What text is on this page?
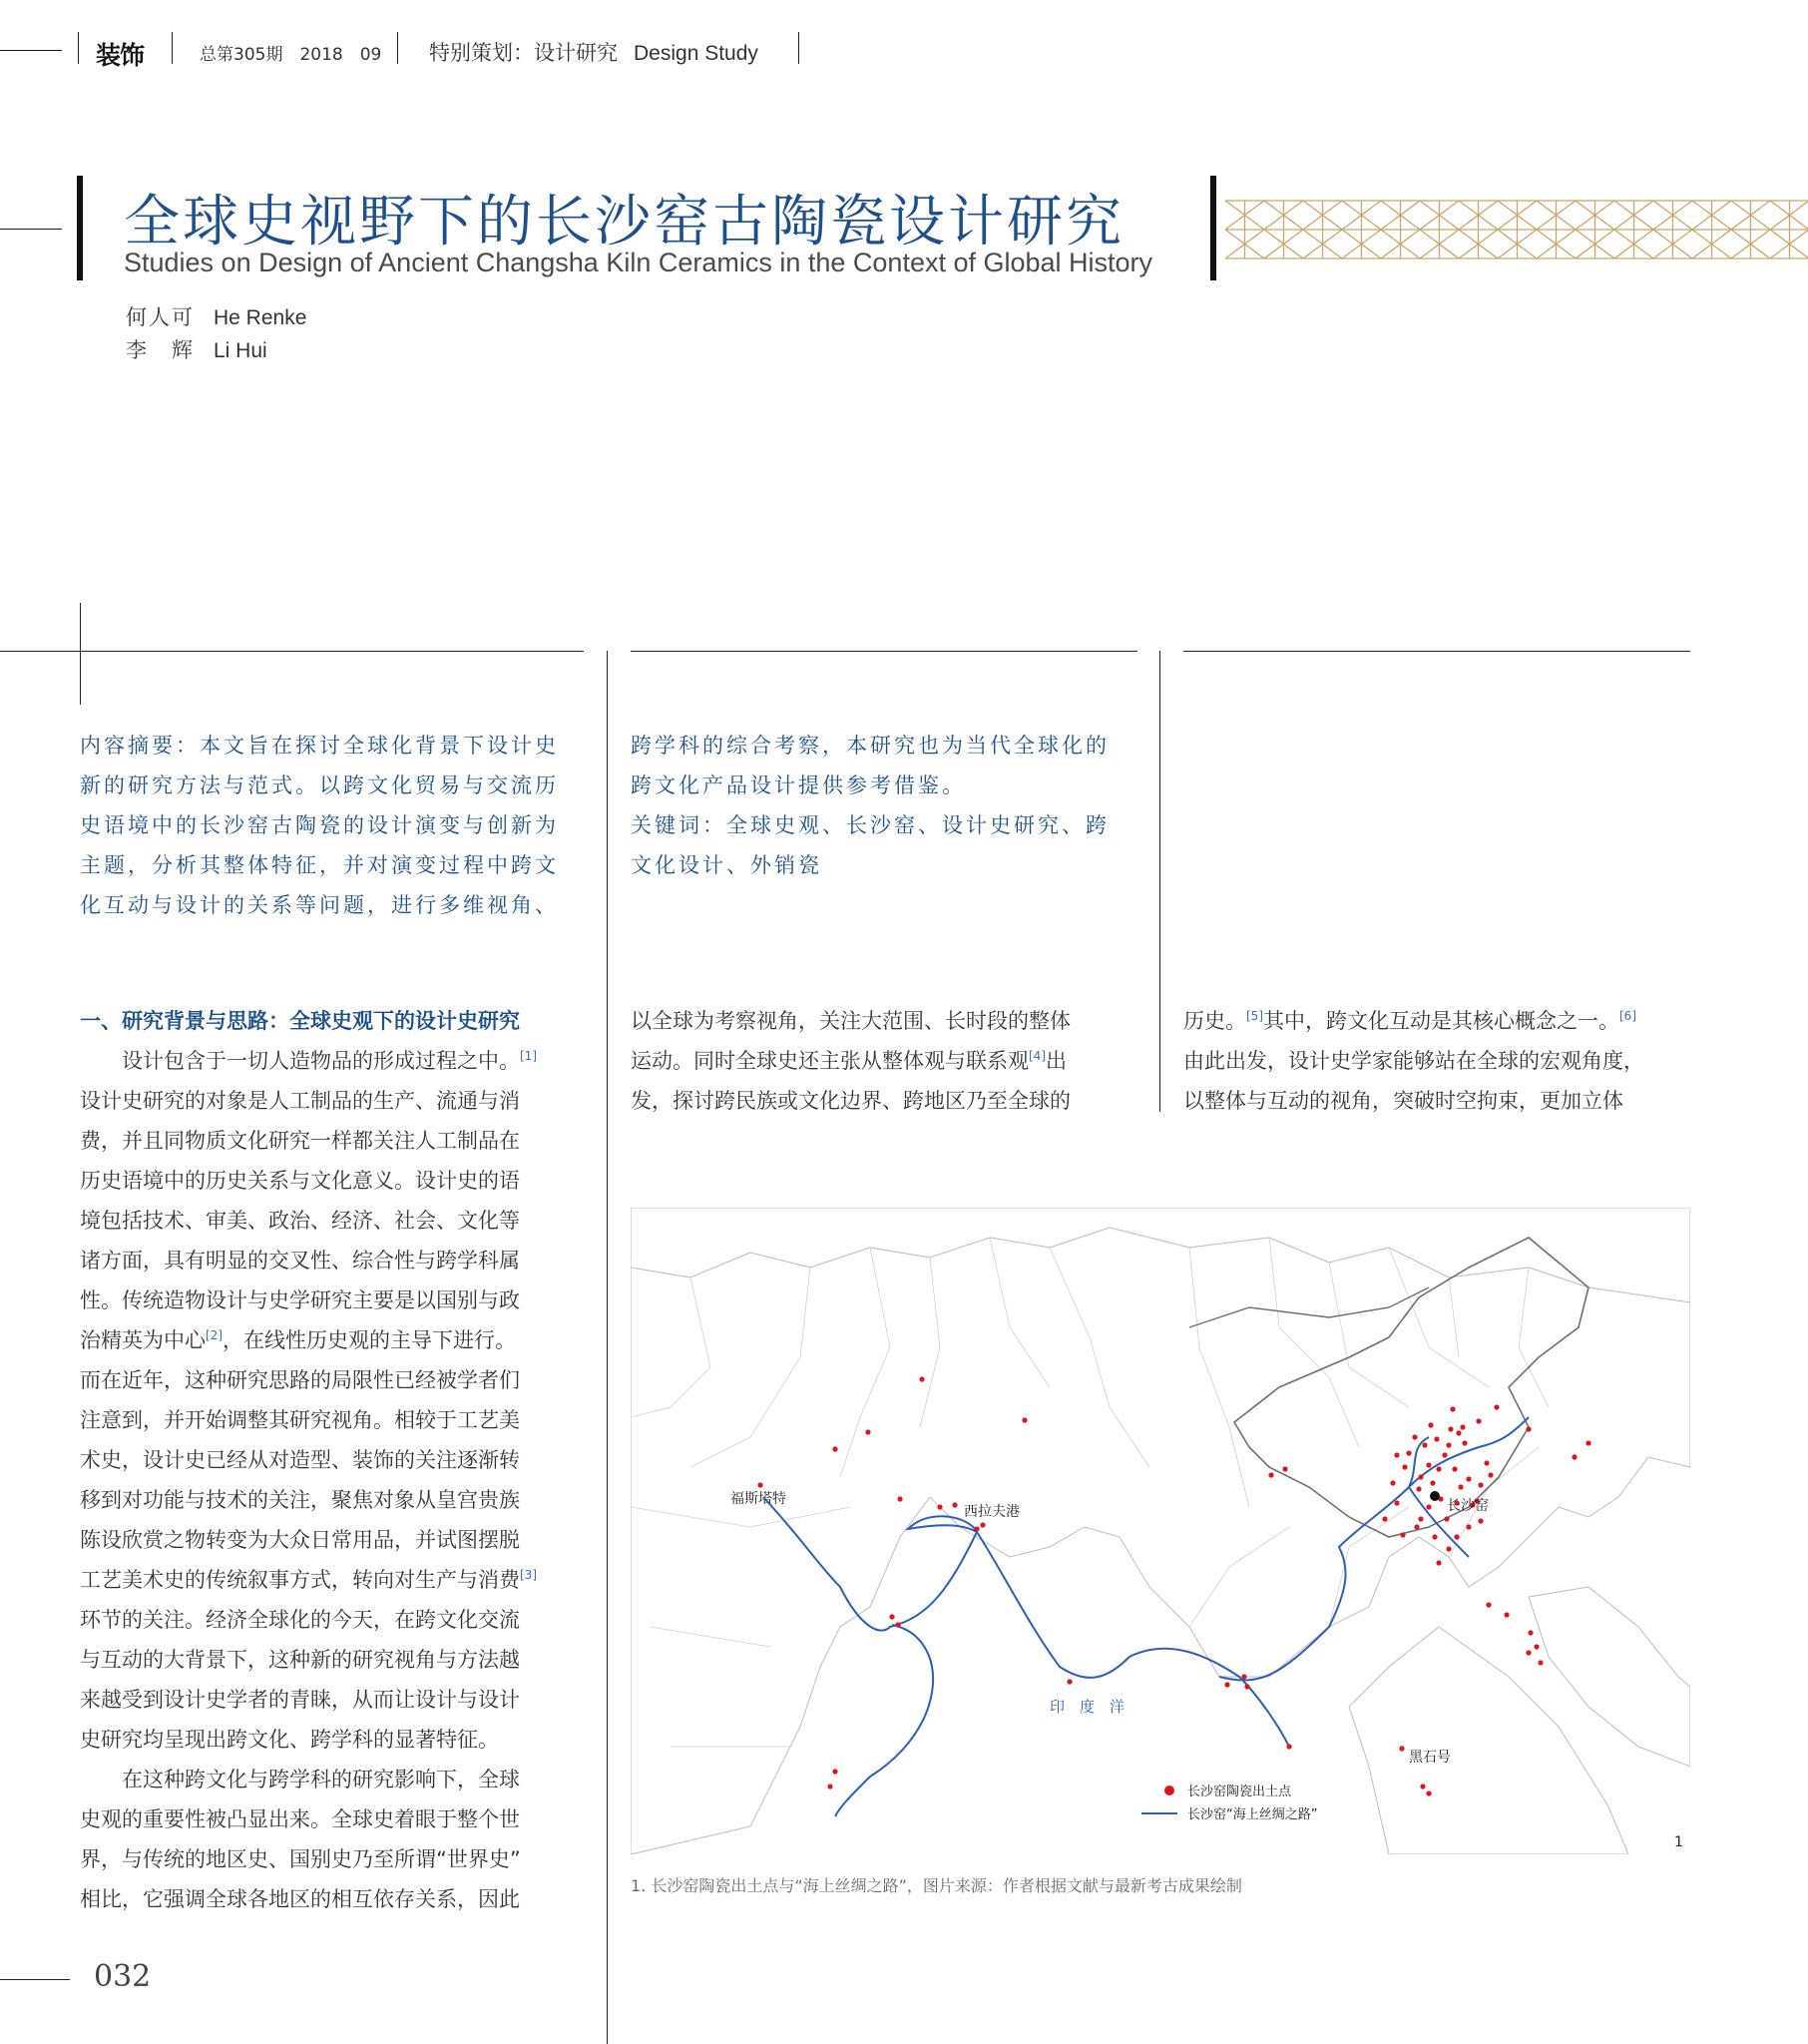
装饰	总第305期　2018　09 特别策划：设计研究 Design Study
全球史视野下的长沙窑古陶瓷设计研究
Studies on Design of Ancient Changsha Kiln Ceramics in the Context of Global History
何人可 He Renke
李　辉 Li Hui
内容摘要：本文旨在探讨全球化背景下设计史
新的研究方法与范式。以跨文化贸易与交流历
史语境中的长沙窑古陶瓷的设计演变与创新为
主题，分析其整体特征，并对演变过程中跨文
化互动与设计的关系等问题，进行多维视角、
跨学科的综合考察，本研究也为当代全球化的
跨文化产品设计提供参考借鉴。
关键词：全球史观、长沙窑、设计史研究、跨
文化设计、外销瓷
一、研究背景与思路：全球史观下的设计史研究
设计包含于一切人造物品的形成过程之中。[1]
设计史研究的对象是人工制品的生产、流通与消
费，并且同物质文化研究一样都关注人工制品在
历史语境中的历史关系与文化意义。设计史的语
境包括技术、审美、政治、经济、社会、文化等
诸方面，具有明显的交叉性、综合性与跨学科属
性。传统造物设计与史学研究主要是以国别与政
治精英为中心[2]，在线性历史观的主导下进行。
而在近年，这种研究思路的局限性已经被学者们
注意到，并开始调整其研究视角。相较于工艺美
术史，设计史已经从对造型、装饰的关注逐渐转
移到对功能与技术的关注，聚焦对象从皇宫贵族
陈设欣赏之物转变为大众日常用品，并试图摆脱
工艺美术史的传统叙事方式，转向对生产与消费[3]
环节的关注。经济全球化的今天，在跨文化交流
与互动的大背景下，这种新的研究视角与方法越
来越受到设计史学者的青睐，从而让设计与设计
史研究均呈现出跨文化、跨学科的显著特征。
在这种跨文化与跨学科的研究影响下，全球
史观的重要性被凸显出来。全球史着眼于整个世
界，与传统的地区史、国别史乃至所谓“世界史”
相比，它强调全球各地区的相互依存关系，因此
以全球为考察视角，关注大范围、长时段的整体
运动。同时全球史还主张从整体观与联系观[4]出
发，探讨跨民族或文化边界、跨地区乃至全球的
历史。[5]其中，跨文化互动是其核心概念之一。[6]
由此出发，设计史学家能够站在全球的宏观角度，
以整体与互动的视角，突破时空拘束，更加立体
福斯塔特
西拉夫港	长沙窑
黑石号
印　度　洋
长沙窑陶瓷出土点
长沙窑“海上丝绸之路”
1
1. 长沙窑陶瓷出土点与“海上丝绸之路”，图片来源：作者根据文献与最新考古成果绘制
032
